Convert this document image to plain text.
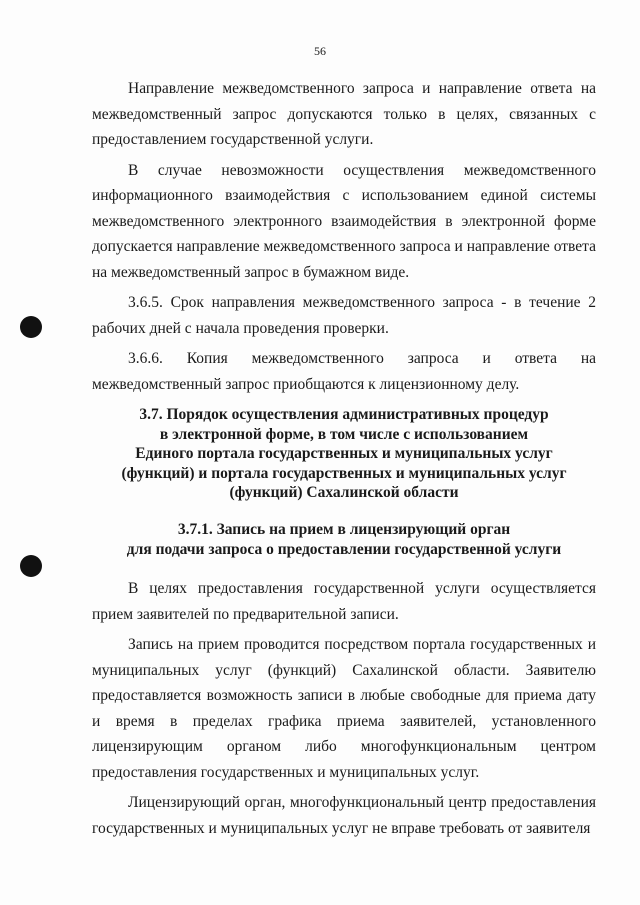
56

Направление межведомственного запроса и направление ответа на межведомственный запрос допускаются только в целях, связанных с предоставлением государственной услуги.

В случае невозможности осуществления межведомственного информационного взаимодействия с использованием единой системы межведомственного электронного взаимодействия в электронной форме допускается направление межведомственного запроса и направление ответа на межведомственный запрос в бумажном виде.

3.6.5. Срок направления межведомственного запроса - в течение 2 рабочих дней с начала проведения проверки.

3.6.6. Копия межведомственного запроса и ответа на межведомственный запрос приобщаются к лицензионному делу.

3.7. Порядок осуществления административных процедур
в электронной форме, в том числе с использованием
Единого портала государственных и муниципальных услуг
(функций) и портала государственных и муниципальных услуг
(функций) Сахалинской области
3.7.1. Запись на прием в лицензирующий орган
для подачи запроса о предоставлении государственной услуги

В целях предоставления государственной услуги осуществляется прием заявителей по предварительной записи.

Запись на прием проводится посредством портала государственных и муниципальных услуг (функций) Сахалинской области. Заявителю предоставляется возможность записи в любые свободные для приема дату и время в пределах графика приема заявителей, установленного лицензирующим органом либо многофункциональным центром предоставления государственных и муниципальных услуг.

Лицензирующий орган, многофункциональный центр предоставления государственных и муниципальных услуг не вправе требовать от заявителя
